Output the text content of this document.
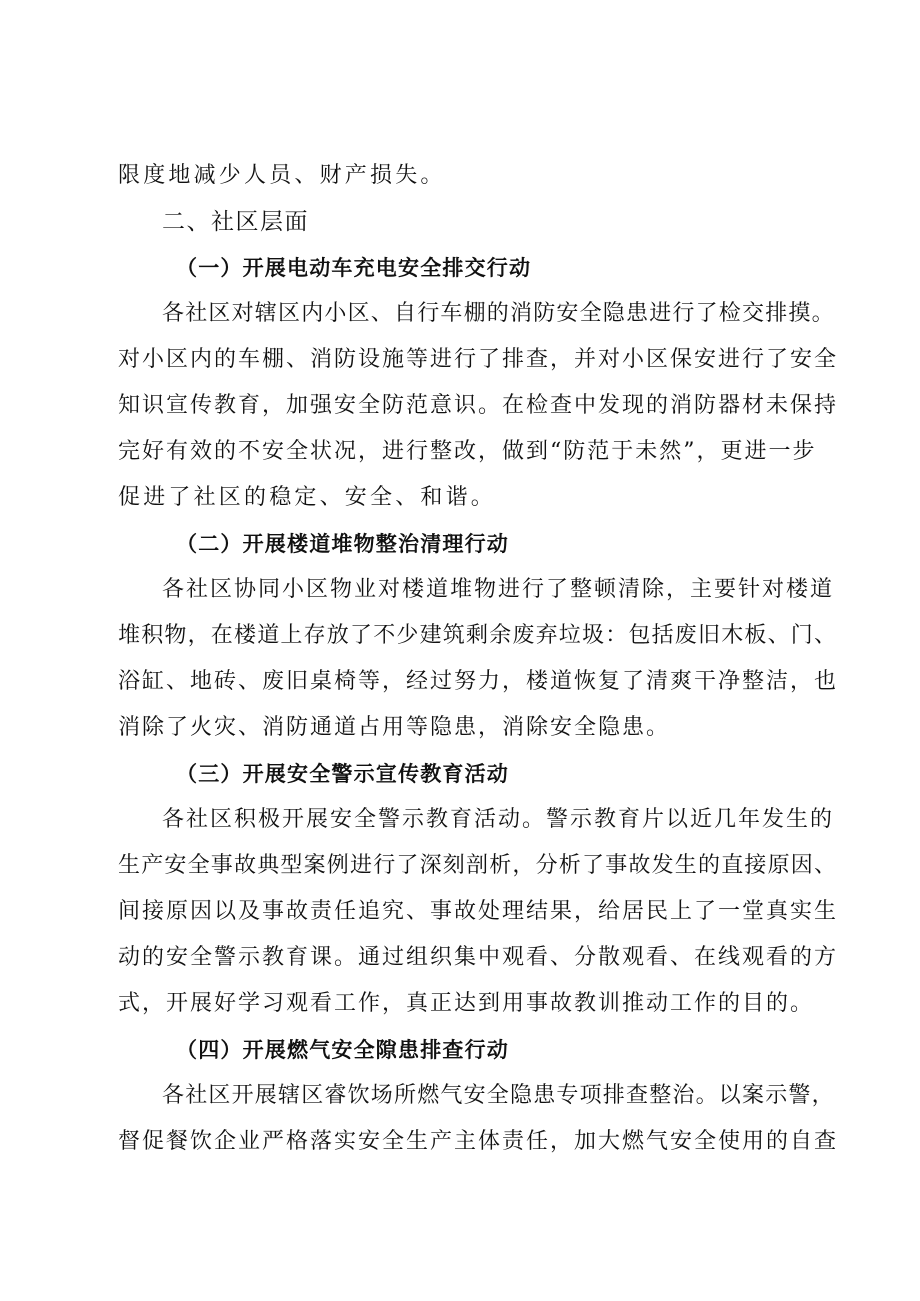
限度地减少人员、财产损失。
二、社区层面
（一）开展电动车充电安全排交行动
各社区对辖区内小区、自行车棚的消防安全隐患进行了检交排摸。
对小区内的车棚、消防设施等进行了排查，并对小区保安进行了安全
知识宣传教育，加强安全防范意识。在检查中发现的消防器材未保持
完好有效的不安全状况，进行整改，做到“防范于未然”，更进一步
促进了社区的稳定、安全、和谐。
（二）开展楼道堆物整治清理行动
各社区协同小区物业对楼道堆物进行了整顿清除，主要针对楼道
堆积物，在楼道上存放了不少建筑剩余废弃垃圾：包括废旧木板、门、
浴缸、地砖、废旧桌椅等，经过努力，楼道恢复了清爽干净整洁，也
消除了火灾、消防通道占用等隐患，消除安全隐患。
（三）开展安全警示宣传教育活动
各社区积极开展安全警示教育活动。警示教育片以近几年发生的
生产安全事故典型案例进行了深刻剖析，分析了事故发生的直接原因、
间接原因以及事故责任追究、事故处理结果，给居民上了一堂真实生
动的安全警示教育课。通过组织集中观看、分散观看、在线观看的方
式，开展好学习观看工作，真正达到用事故教训推动工作的目的。
（四）开展燃气安全隙患排查行动
各社区开展辖区睿饮场所燃气安全隐患专项排查整治。以案示警，
督促餐饮企业严格落实安全生产主体责任，加大燃气安全使用的自查
